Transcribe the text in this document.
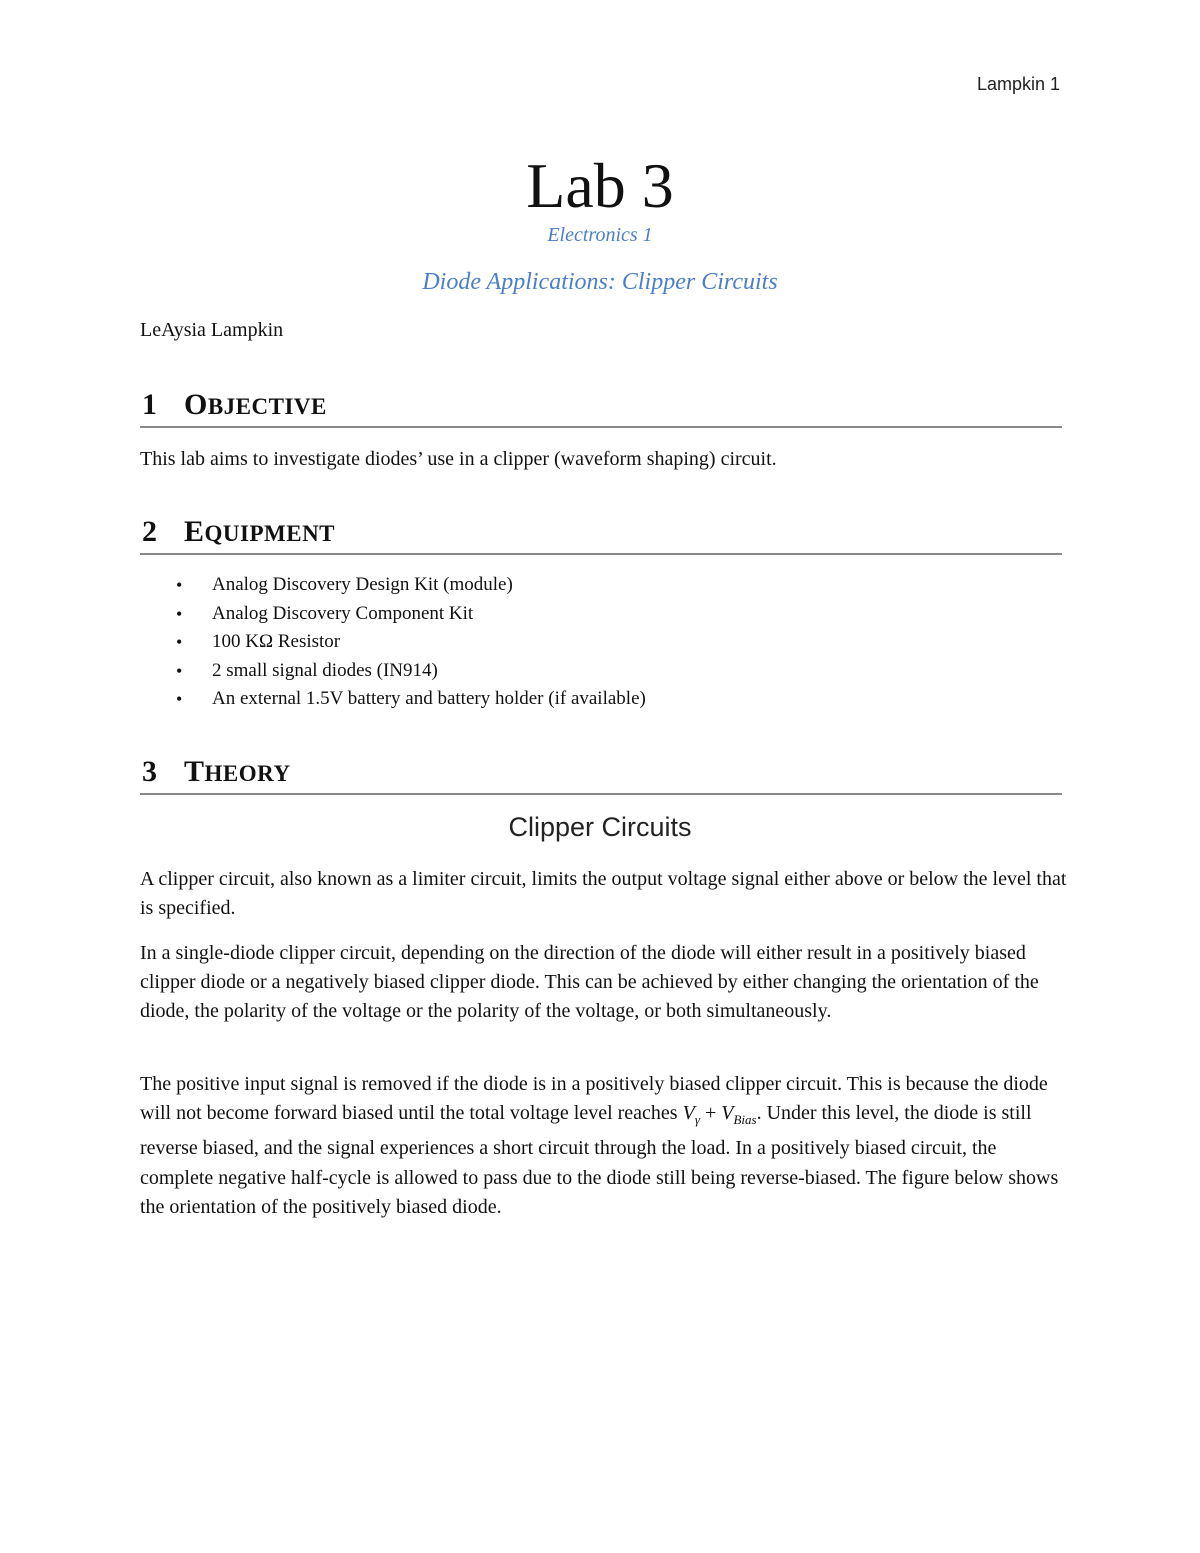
Lampkin 1
Lab 3
Electronics 1
Diode Applications: Clipper Circuits
LeAysia Lampkin
1 OBJECTIVE
This lab aims to investigate diodes’ use in a clipper (waveform shaping) circuit.
2 EQUIPMENT
• Analog Discovery Design Kit (module)
• Analog Discovery Component Kit
• 100 KΩ Resistor
• 2 small signal diodes (IN914)
• An external 1.5V battery and battery holder (if available)
3 THEORY
Clipper Circuits
A clipper circuit, also known as a limiter circuit, limits the output voltage signal either above or below the level that is specified.
In a single-diode clipper circuit, depending on the direction of the diode will either result in a positively biased clipper diode or a negatively biased clipper diode. This can be achieved by either changing the orientation of the diode, the polarity of the voltage or the polarity of the voltage, or both simultaneously.
The positive input signal is removed if the diode is in a positively biased clipper circuit. This is because the diode will not become forward biased until the total voltage level reaches $V_\gamma + V_{Bias}$. Under this level, the diode is still reverse biased, and the signal experiences a short circuit through the load. In a positively biased circuit, the complete negative half-cycle is allowed to pass due to the diode still being reverse-biased. The figure below shows the orientation of the positively biased diode.
